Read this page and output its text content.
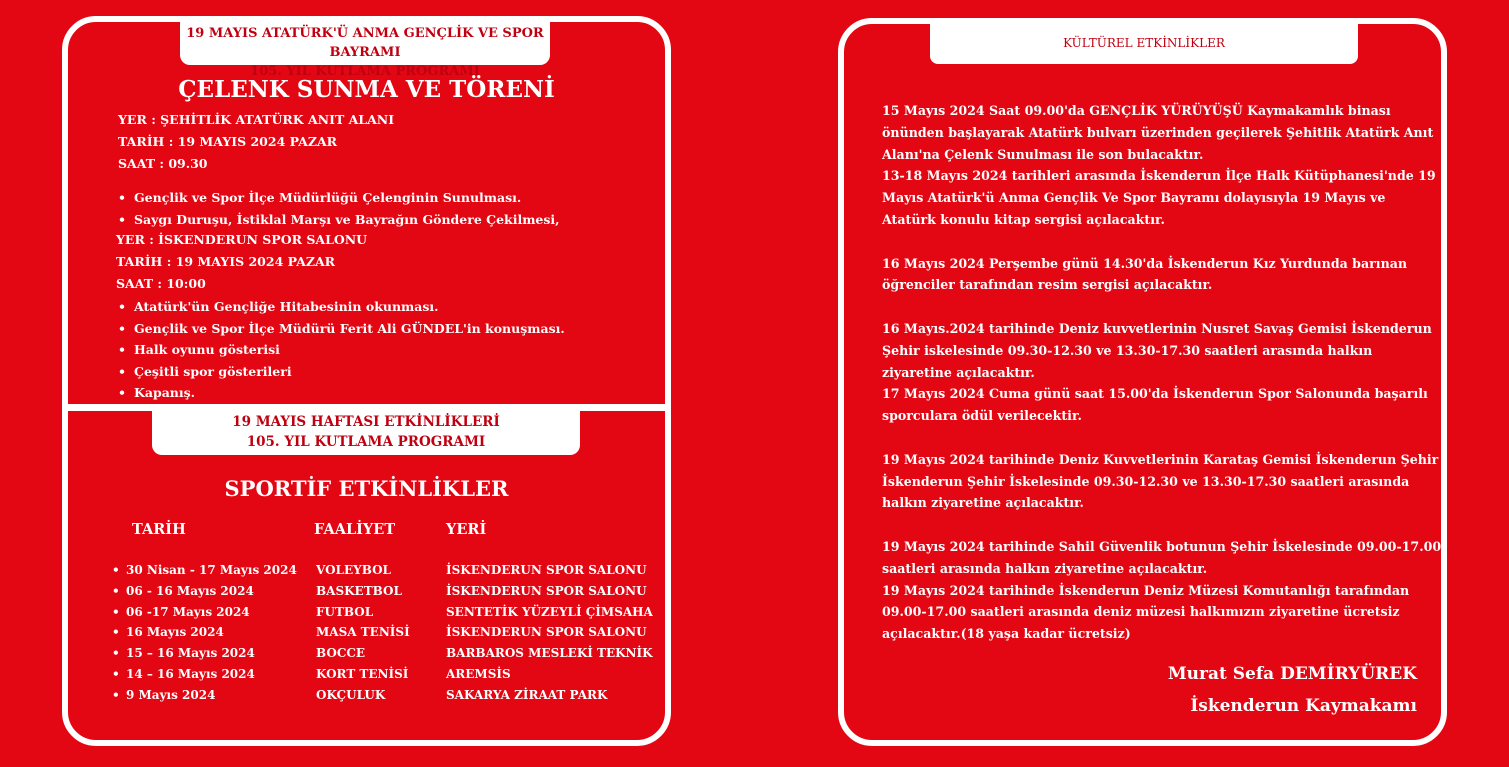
19 MAYIS ATATÜRK'Ü ANMA GENÇLİK VE SPOR BAYRAMI
105. YIL KUTLAMA PROGRAMI
ÇELENK SUNMA VE TÖRENİ
YER : ŞEHİTLİK ATATÜRK ANIT ALANI
TARİH : 19 MAYIS 2024 PAZAR
SAAT : 09.30
• Gençlik ve Spor İlçe Müdürlüğü Çelenginin Sunulması.
• Saygı Duruşu, İstiklal Marşı ve Bayrağın Göndere Çekilmesi,
YER : İSKENDERUN SPOR SALONU
TARİH : 19 MAYIS 2024 PAZAR
SAAT : 10:00
• Atatürk'ün Gençliğe Hitabesinin okunması.
• Gençlik ve Spor İlçe Müdürü Ferit Ali GÜNDEL'in konuşması.
• Halk oyunu gösterisi
• Çeşitli spor gösterileri
• Kapanış.
19 MAYIS HAFTASI ETKİNLİKLERİ
105. YIL KUTLAMA PROGRAMI
SPORTİF ETKİNLİKLER
TARİH	FAALİYET	YERİ
• 30 Nisan - 17 Mayıs 2024 VOLEYBOL	İSKENDERUN SPOR SALONU
• 06 - 16 Mayıs 2024	BASKETBOL	İSKENDERUN SPOR SALONU
• 06 -17 Mayıs 2024	FUTBOL	SENTETİK YÜZEYLİ ÇİMSAHA
• 16 Mayıs 2024	MASA TENİSİ	İSKENDERUN SPOR SALONU
• 15 – 16 Mayıs 2024	BOCCE	BARBAROS MESLEKİ TEKNİK
• 14 – 16 Mayıs 2024	KORT TENİSİ	AREMSİS
• 9 Mayıs 2024	OKÇULUK	SAKARYA ZİRAAT PARK
KÜLTÜREL ETKİNLİKLER

15 Mayıs 2024 Saat 09.00'da GENÇLİK YÜRÜYÜŞÜ Kaymakamlık binası önünden başlayarak Atatürk bulvarı üzerinden geçilerek Şehitlik Atatürk Anıt Alanı'na Çelenk Sunulması ile son bulacaktır.

13-18 Mayıs 2024 tarihleri arasında İskenderun İlçe Halk Kütüphanesi'nde 19 Mayıs Atatürk'ü Anma Gençlik Ve Spor Bayramı dolayısıyla 19 Mayıs ve Atatürk konulu kitap sergisi açılacaktır.

16 Mayıs 2024 Perşembe günü 14.30'da İskenderun Kız Yurdunda barınan öğrenciler tarafından resim sergisi açılacaktır.

16 Mayıs.2024 tarihinde Deniz kuvvetlerinin Nusret Savaş Gemisi İskenderun Şehir iskelesinde 09.30-12.30 ve 13.30-17.30 saatleri arasında halkın ziyaretine açılacaktır.

17 Mayıs 2024 Cuma günü saat 15.00'da İskenderun Spor Salonunda başarılı sporculara ödül verilecektir.

19 Mayıs 2024 tarihinde Deniz Kuvvetlerinin Karataş Gemisi İskenderun Şehir İskenderun Şehir İskelesinde 09.30-12.30 ve 13.30-17.30 saatleri arasında halkın ziyaretine açılacaktır.

19 Mayıs 2024 tarihinde Sahil Güvenlik botunun Şehir İskelesinde 09.00-17.00 saatleri arasında halkın ziyaretine açılacaktır.

19 Mayıs 2024 tarihinde İskenderun Deniz Müzesi Komutanlığı tarafından 09.00-17.00 saatleri arasında deniz müzesi halkımızın ziyaretine ücretsiz açılacaktır.(18 yaşa kadar ücretsiz)

Murat Sefa DEMİRYÜREK
İskenderun Kaymakamı
